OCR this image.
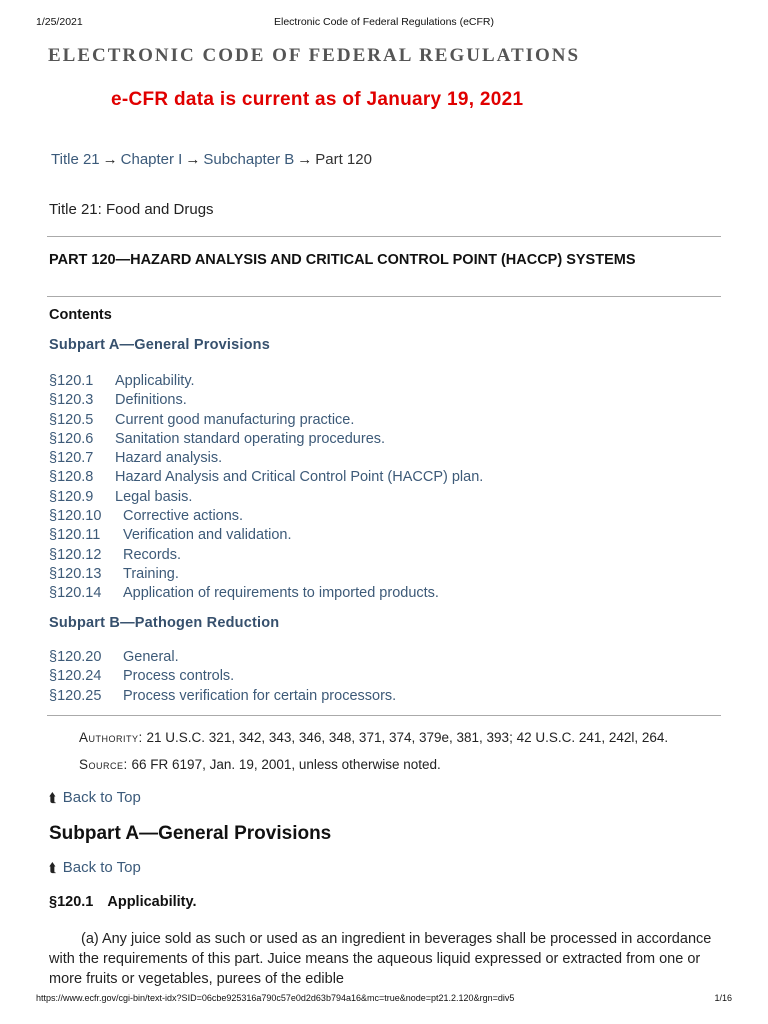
1/25/2021	Electronic Code of Federal Regulations (eCFR)
ELECTRONIC CODE OF FEDERAL REGULATIONS
e-CFR data is current as of January 19, 2021
Title 21 → Chapter I → Subchapter B → Part 120
Title 21: Food and Drugs
PART 120—HAZARD ANALYSIS AND CRITICAL CONTROL POINT (HACCP) SYSTEMS
Contents
Subpart A—General Provisions
§120.1 Applicability.
§120.3 Definitions.
§120.5 Current good manufacturing practice.
§120.6 Sanitation standard operating procedures.
§120.7 Hazard analysis.
§120.8 Hazard Analysis and Critical Control Point (HACCP) plan.
§120.9 Legal basis.
§120.10 Corrective actions.
§120.11 Verification and validation.
§120.12 Records.
§120.13 Training.
§120.14 Application of requirements to imported products.
Subpart B—Pathogen Reduction
§120.20 General.
§120.24 Process controls.
§120.25 Process verification for certain processors.
Authority: 21 U.S.C. 321, 342, 343, 346, 348, 371, 374, 379e, 381, 393; 42 U.S.C. 241, 242l, 264.
Source: 66 FR 6197, Jan. 19, 2001, unless otherwise noted.
⮬ Back to Top
Subpart A—General Provisions
⮬ Back to Top
§120.1 Applicability.

(a) Any juice sold as such or used as an ingredient in beverages shall be processed in accordance with the requirements of this part. Juice means the aqueous liquid expressed or extracted from one or more fruits or vegetables, purees of the edible

https://www.ecfr.gov/cgi-bin/text-idx?SID=06cbe925316a790c57e0d2d63b794a16&mc=true&node=pt21.2.120&rgn=div5	1/16
